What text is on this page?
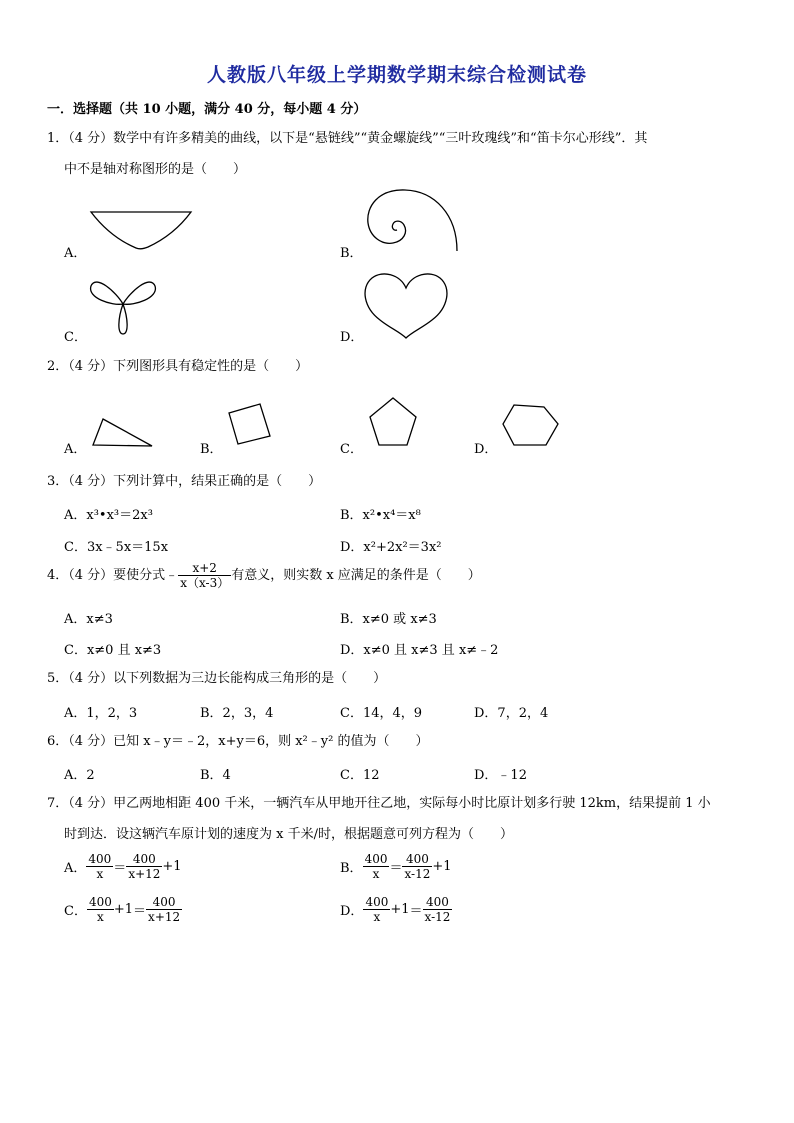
人教版八年级上学期数学期末综合检测试卷
一．选择题（共 10 小题，满分 40 分，每小题 4 分）
1．（4 分）数学中有许多精美的曲线，以下是“悬链线”“黄金螺旋线”“三叶玫瑰线”和“笛卡尔心形线”．其
中不是轴对称图形的是（　　）
A．	B．
C．	D．
2．（4 分）下列图形具有稳定性的是（　　）
A．	B．	C．	D．
3．（4 分）下列计算中，结果正确的是（　　）
A．x³•x³＝2x³	B．x²•x⁴＝x⁸
C．3x﹣5x＝15x	D．x²+2x²＝3x²
4．（4 分）要使分式﹣ $\frac{x+2}{x(x-3)}$ 有意义，则实数 x 应满足的条件是（　　）
A．x≠3	B．x≠0 或 x≠3
C．x≠0 且 x≠3	D．x≠0 且 x≠3 且 x≠﹣2
5．（4 分）以下列数据为三边长能构成三角形的是（　　）
A．1，2，3	B．2，3，4	C．14，4，9	D．7，2，4
6．（4 分）已知 x﹣y＝﹣2，x+y＝6，则 x²﹣y² 的值为（　　）
A．2	B．4	C．12	D．﹣12
7．（4 分）甲乙两地相距 400 千米，一辆汽车从甲地开往乙地，实际每小时比原计划多行驶 12km，结果提前 1 小
时到达．设这辆汽车原计划的速度为 x 千米/时，根据题意可列方程为（　　）
A． $\frac{400}{x} = \frac{400}{x+12} +1$	B． $\frac{400}{x} = \frac{400}{x-12} +1$
C． $\frac{400}{x} +1 = \frac{400}{x+12}$	D． $\frac{400}{x} +1 = \frac{400}{x-12}$
